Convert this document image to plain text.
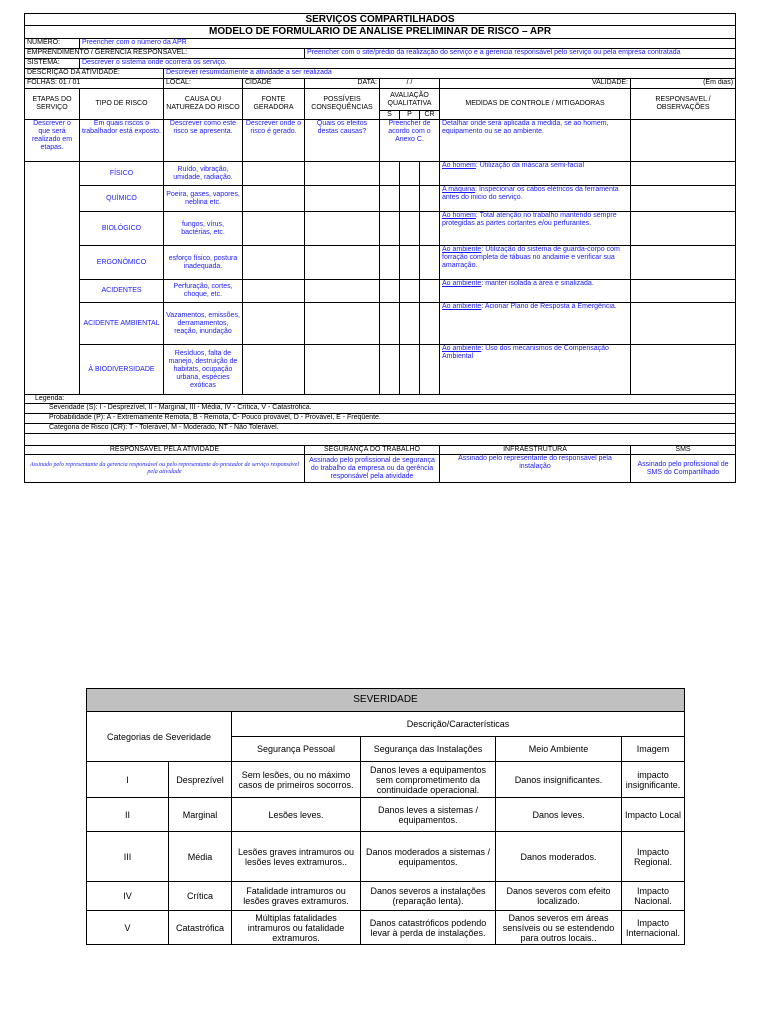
SERVIÇOS COMPARTILHADOS									
MODELO DE FORMULÁRIO DE ANÁLISE PRELIMINAR DE RISCO – APR									
NUMERO:	Preencher com o número da APR								
EMPRENDIMENTO / GERÊNCIA RESPONSÁVEL:				Preencher com o site/prédio da realização do serviço e a gerencia responsável pelo serviço ou pela empresa contratada					
SISTEMA:	Descrever o sistema onde ocorrerá os serviço.								
DESCRIÇÃO DA ATIVIDADE:		Descrever resumidamente a atividade a ser realizada							
FOLHAS: 01 / 01		LOCAL:	CIDADE	DATA:	/ /			VALIDADE:	(Em dias)
ETAPAS DO SERVIÇO	TIPO DE RISCO	CAUSA OU NATUREZA DO RISCO	FONTE GERADORA	POSSÍVEIS CONSEQUÊNCIAS	AVALIAÇÃO QUALITATIVA			MEDIDAS DE CONTROLE / MITIGADORAS	RESPONSAVEL / OBSERVAÇÕES
					S	P	CR		
Descrever o que será realizado em etapas.	Em quais riscos o trabalhador está exposto.	Descrever como este risco se apresenta.	Descrever onde o risco é gerado.	Quais os efeitos destas causas?	Preencher de acordo com o Anexo C.			Detalhar onde será aplicada a medida, se ao homem, equipamento ou se ao ambiente.	
	FÍSICO	Ruído, vibração, umidade, radiação.						Ao homem: Utilização da máscara semi-facial	
	QUÍMICO	Poeira, gases, vapores, neblina etc.						A máquina: Inspecionar os cabos elétricos da ferramenta antes do inicio do serviço.	
	BIOLÓGICO	fungos, vírus, bactérias, etc.						Ao homem: Total atenção no trabalho mantendo sempre protegidas as partes cortantes e/ou perfurantes.	
	ERGONÔMICO	esforço físico, postura inadequada.						Ao ambiente: Utilização do sistema de guarda-corpo com forração completa de tábuas no andaime e verificar sua amarração.	
	ACIDENTES	Perfuração, cortes, choque, etc.						Ao ambiente: manter isolada a área e sinalizada.	
	ACIDENTE AMBIENTAL	Vazamentos, emissões, derramamentos, reação, inundação						Ao ambiente: Acionar Plano de Resposta à Emergência.	
	À BIODIVERSIDADE	Resíduos, falta de manejo, destruição de habitats, ocupação urbana, espécies exóticas						Ao ambiente: Uso dos mecanismos de Compensação Ambiental	
Legenda:									
Severidade (S): I - Desprezível, II - Marginal, III - Média, IV - Crítica, V - Catastrófica.									
Probabilidade (P): A - Extremamente Remota, B - Remota, C- Pouco provável, D - Provável, E - Freqüente.									
Categoria de Risco (CR): T - Tolerável, M - Moderado, NT - Não Tolerável.									

RESPONSÁVEL PELA ATIVIDADE				SEGURANÇA DO TRABALHO				INFRAESTRUTURA	SMS
Assinado pelo representante da gerencia responsável ou pelo representante do prestador de serviço responsável pela atividade				Assinado pelo profissional de segurança do trabalho da empresa ou da gerência responsável pela atividade				Assinado pelo representante do responsável pela instalação	Assinado pelo profissional de SMS do Compartilhado
SEVERIDADE					
Categorias de Severidade		Descrição/Características			
		Segurança Pessoal	Segurança das Instalações	Meio Ambiente	Imagem
I	Desprezível	Sem lesões, ou no máximo casos de primeiros socorros.	Danos leves a equipamentos sem comprometimento da continuidade operacional.	Danos insignificantes.	impacto insignificante.
II	Marginal	Lesões leves.	Danos leves a sistemas / equipamentos.	Danos leves.	Impacto Local
III	Média	Lesões graves intramuros ou lesões leves extramuros..	Danos moderados a sistemas / equipamentos.	Danos moderados.	Impacto Regional.
IV	Crítica	Fatalidade intramuros ou lesões graves extramuros.	Danos severos a instalações (reparação lenta).	Danos severos com efeito localizado.	Impacto Nacional.
V	Catastrófica	Múltiplas fatalidades intramuros ou fatalidade extramuros.	Danos catastróficos podendo levar à perda de instalações.	Danos severos em áreas sensíveis ou se estendendo para outros locais..	Impacto Internacional.
